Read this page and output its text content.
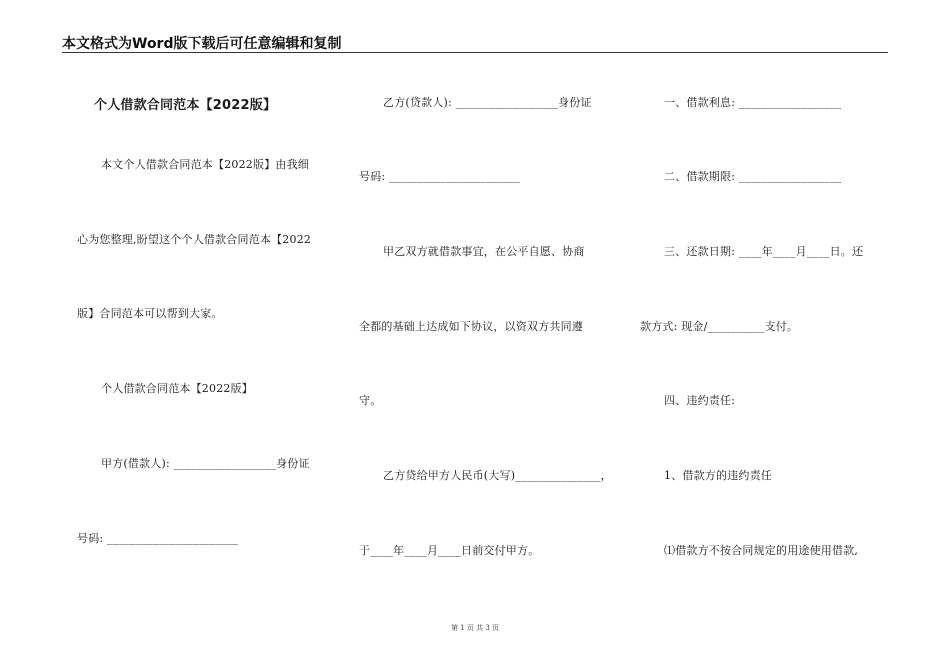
本文格式为Word版下载后可任意编辑和复制
个人借款合同范本【2022版】
本文个人借款合同范本【2022版】由我细
心为您整理,盼望这个个人借款合同范本【2022
版】合同范本可以帮到大家。
个人借款合同范本【2022版】
甲方(借款人): __________________身份证
号码: _______________________
乙方(贷款人): __________________身份证
号码: _______________________
甲乙双方就借款事宜，在公平自愿、协商
全都的基础上达成如下协议，以资双方共同遵
守。
乙方贷给甲方人民币(大写)_______________，
于____年____月____日前交付甲方。
一、借款利息: __________________
二、借款期限: __________________
三、还款日期: ____年____月____日。还
款方式: 现金/__________支付。
四、违约责任:
1、借款方的违约责任
⑴借款方不按合同规定的用途使用借款,
第 1 页 共 3 页
